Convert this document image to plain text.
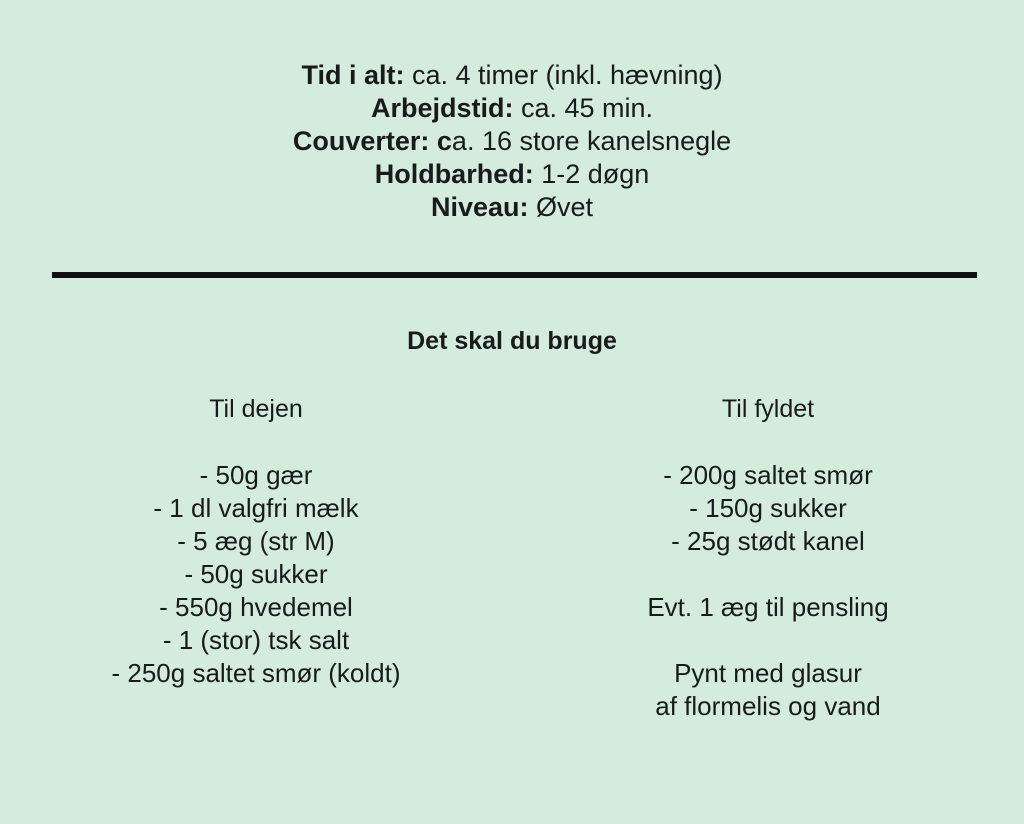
Tid i alt: ca. 4 timer (inkl. hævning)
Arbejdstid: ca. 45 min.
Couverter: ca. 16 store kanelsnegle
Holdbarhed: 1-2 døgn
Niveau: Øvet
Det skal du bruge
Til dejen
- 50g gær
- 1 dl valgfri mælk
- 5 æg (str M)
- 50g sukker
- 550g hvedemel
- 1 (stor) tsk salt
- 250g saltet smør (koldt)
Til fyldet
- 200g saltet smør
- 150g sukker
- 25g stødt kanel
Evt. 1 æg til pensling
Pynt med glasur
af flormelis og vand
